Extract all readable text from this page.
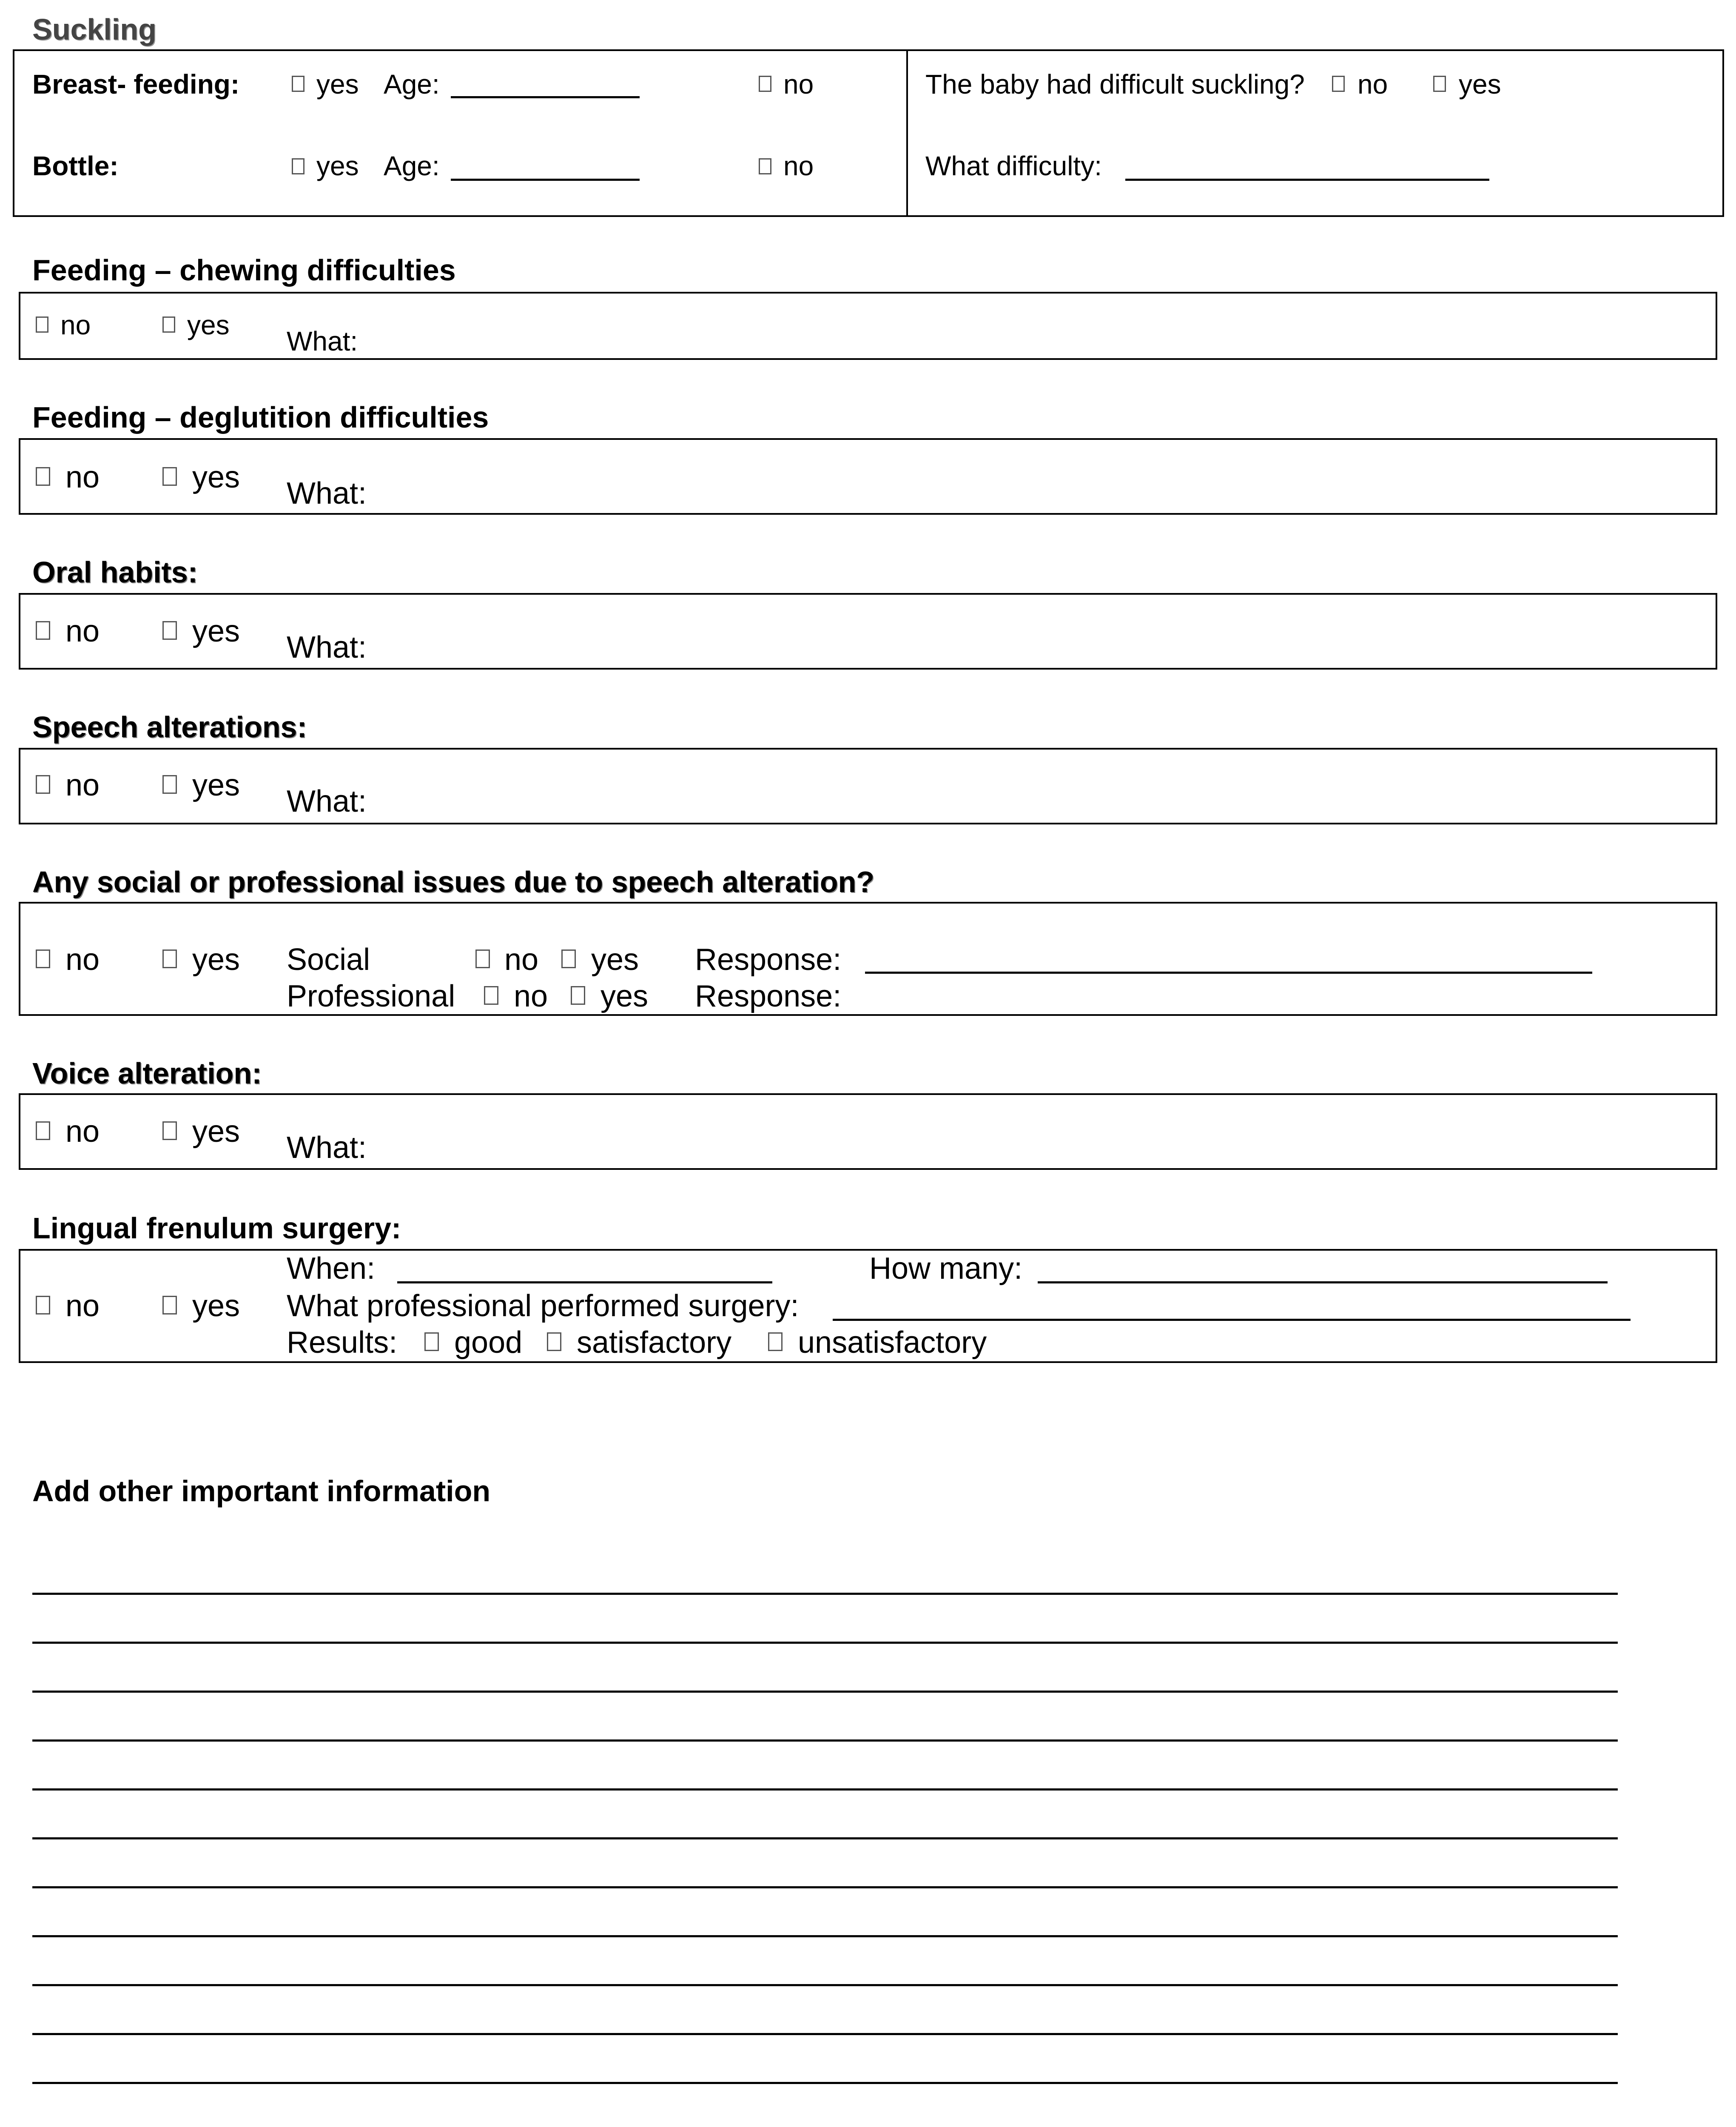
Suckling
Breast- feeding:	yes Age:	no
Bottle:	yes Age:	no
The baby had difficult suckling? no	yes
What difficulty:
Feeding – chewing difficulties
no	yes
What:
Feeding – deglutition difficulties
no	yes What:
Oral habits:
no	yes What:
Speech alterations:
no	yes What:
Any social or professional issues due to speech alteration?
no	yes Social	no yes Response:
Professional no yes Response:
Voice alteration:
no	yes What:
Lingual frenulum surgery:
When:	How many:
no	yes What professional performed surgery:
Results: good satisfactory unsatisfactory
Add other important information
